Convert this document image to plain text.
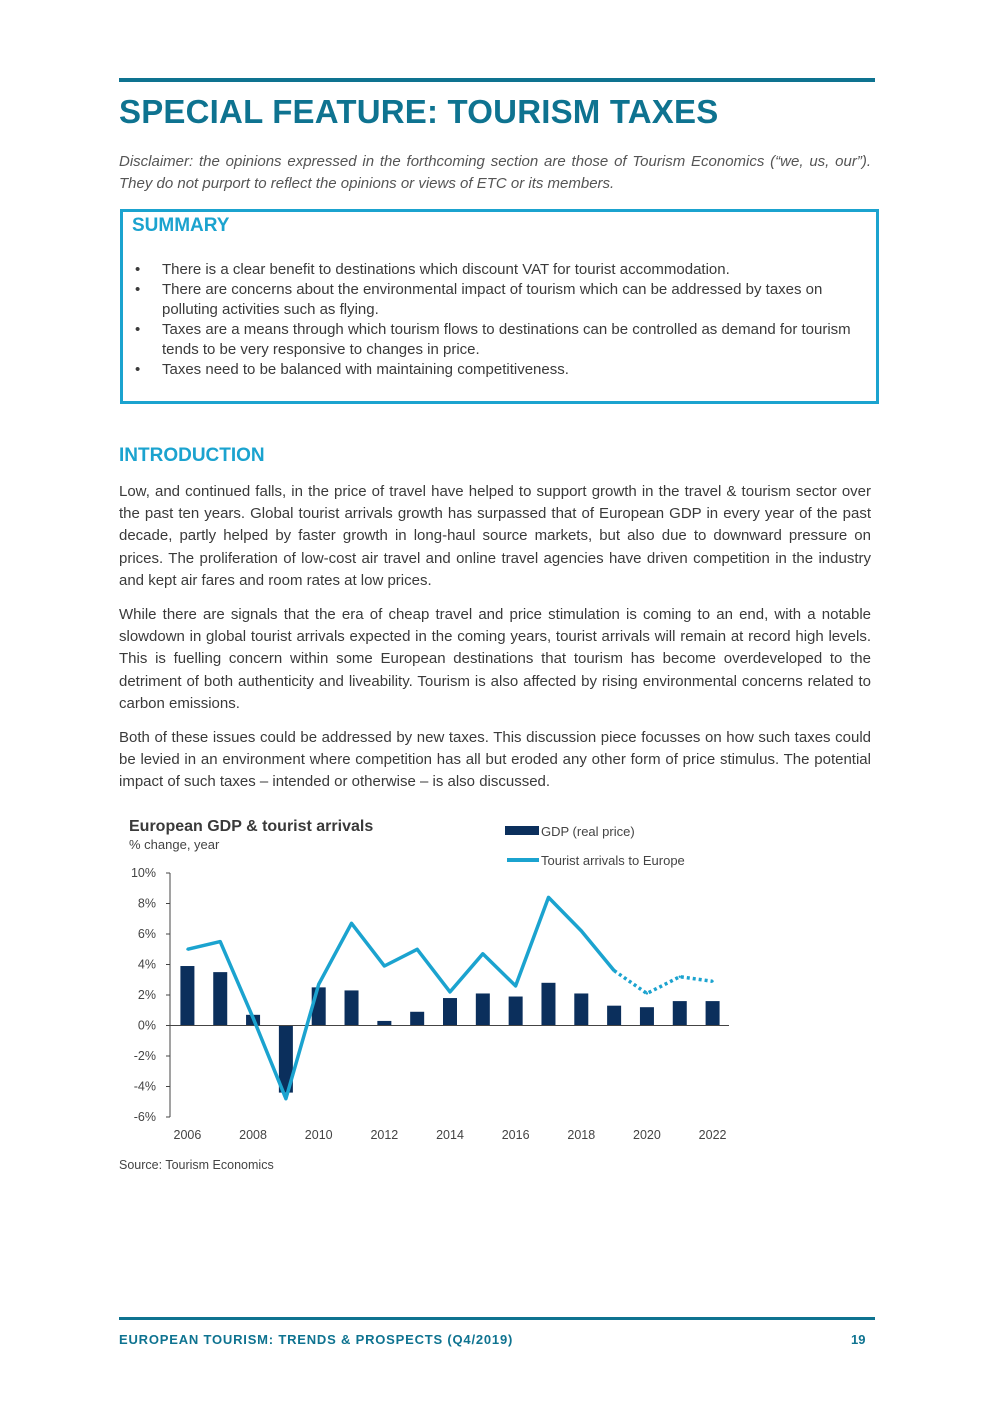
SPECIAL FEATURE: TOURISM TAXES
Disclaimer: the opinions expressed in the forthcoming section are those of Tourism Economics (“we, us, our”). They do not purport to reflect the opinions or views of ETC or its members.
SUMMARY
• There is a clear benefit to destinations which discount VAT for tourist accommodation.
• There are concerns about the environmental impact of tourism which can be addressed by taxes on polluting activities such as flying.
• Taxes are a means through which tourism flows to destinations can be controlled as demand for tourism tends to be very responsive to changes in price.
• Taxes need to be balanced with maintaining competitiveness.
INTRODUCTION

Low, and continued falls, in the price of travel have helped to support growth in the travel & tourism sector over the past ten years. Global tourist arrivals growth has surpassed that of European GDP in every year of the past decade, partly helped by faster growth in long-haul source markets, but also due to downward pressure on prices. The proliferation of low-cost air travel and online travel agencies have driven competition in the industry and kept air fares and room rates at low prices.

While there are signals that the era of cheap travel and price stimulation is coming to an end, with a notable slowdown in global tourist arrivals expected in the coming years, tourist arrivals will remain at record high levels. This is fuelling concern within some European destinations that tourism has become overdeveloped to the detriment of both authenticity and liveability. Tourism is also affected by rising environmental concerns related to carbon emissions.

Both of these issues could be addressed by new taxes. This discussion piece focusses on how such taxes could be levied in an environment where competition has all but eroded any other form of price stimulus. The potential impact of such taxes – intended or otherwise – is also discussed.

European GDP & tourist arrivals
% change, year
GDP (real price)
Tourist arrivals to Europe
10%
8%
6%
4%
2%
0%
-2%
-4%
-6%
2006	2008	2010	2012	2014	2016	2018	2020	2022
Source: Tourism Economics
EUROPEAN TOURISM: TRENDS & PROSPECTS (Q4/2019)	19
